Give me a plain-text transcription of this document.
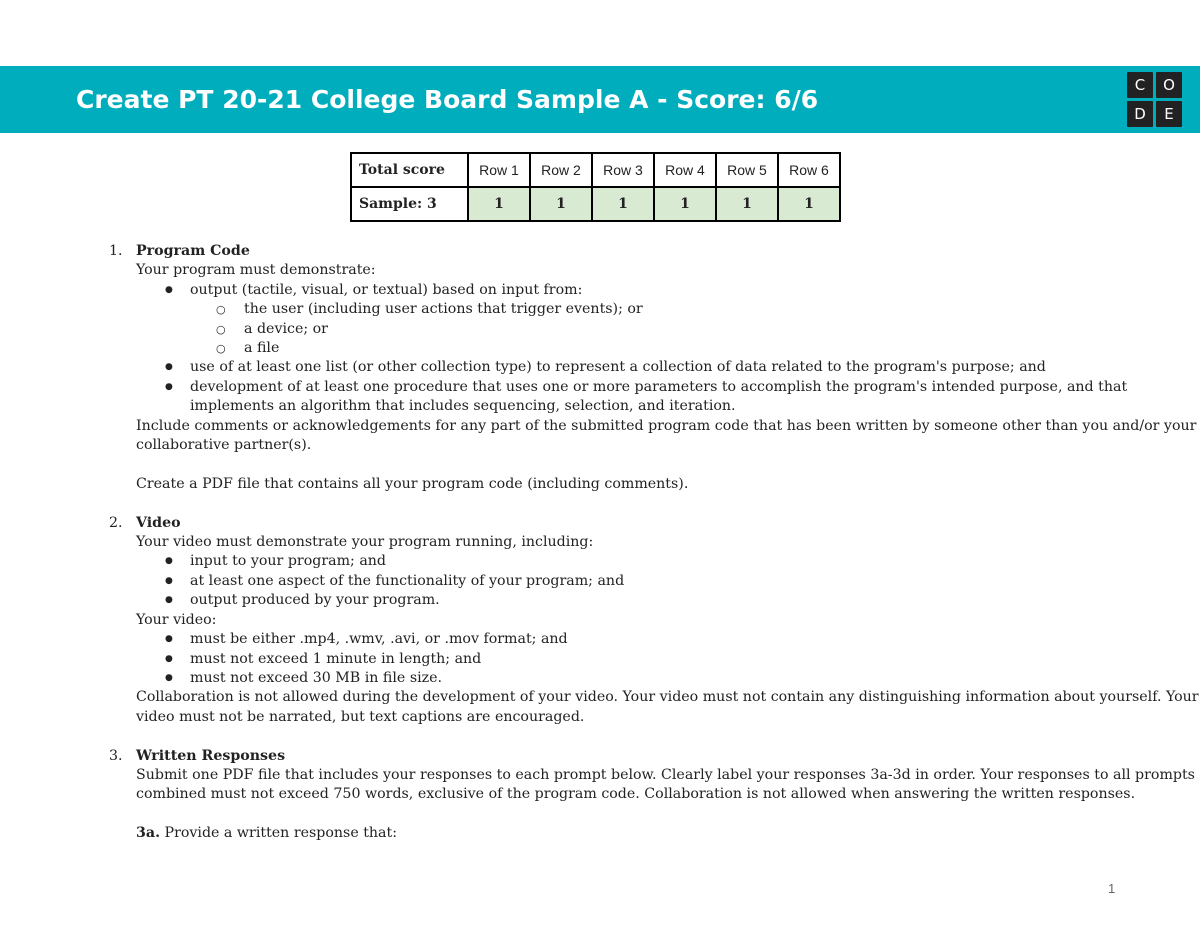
Create PT 20-21 College Board Sample A - Score: 6/6	C	O
D	E
Total score	Row 1	Row 2	Row 3	Row 4	Row 5	Row 6
Sample: 3	1	1	1	1	1	1
1. Program Code
Your program must demonstrate:
● output (tactile, visual, or textual) based on input from:
○ the user (including user actions that trigger events); or
○ a device; or
○ a file
● use of at least one list (or other collection type) to represent a collection of data related to the program's purpose; and
● development of at least one procedure that uses one or more parameters to accomplish the program's intended purpose, and that implements an algorithm that includes sequencing, selection, and iteration.
Include comments or acknowledgements for any part of the submitted program code that has been written by someone other than you and/or your collaborative partner(s).
Create a PDF file that contains all your program code (including comments).
2. Video
Your video must demonstrate your program running, including:
● input to your program; and
● at least one aspect of the functionality of your program; and
● output produced by your program.
Your video:
● must be either .mp4, .wmv, .avi, or .mov format; and
● must not exceed 1 minute in length; and
● must not exceed 30 MB in file size.
Collaboration is not allowed during the development of your video. Your video must not contain any distinguishing information about yourself. Your video must not be narrated, but text captions are encouraged.
3. Written Responses
Submit one PDF file that includes your responses to each prompt below. Clearly label your responses 3a-3d in order. Your responses to all prompts combined must not exceed 750 words, exclusive of the program code. Collaboration is not allowed when answering the written responses.
3a. Provide a written response that:
1
